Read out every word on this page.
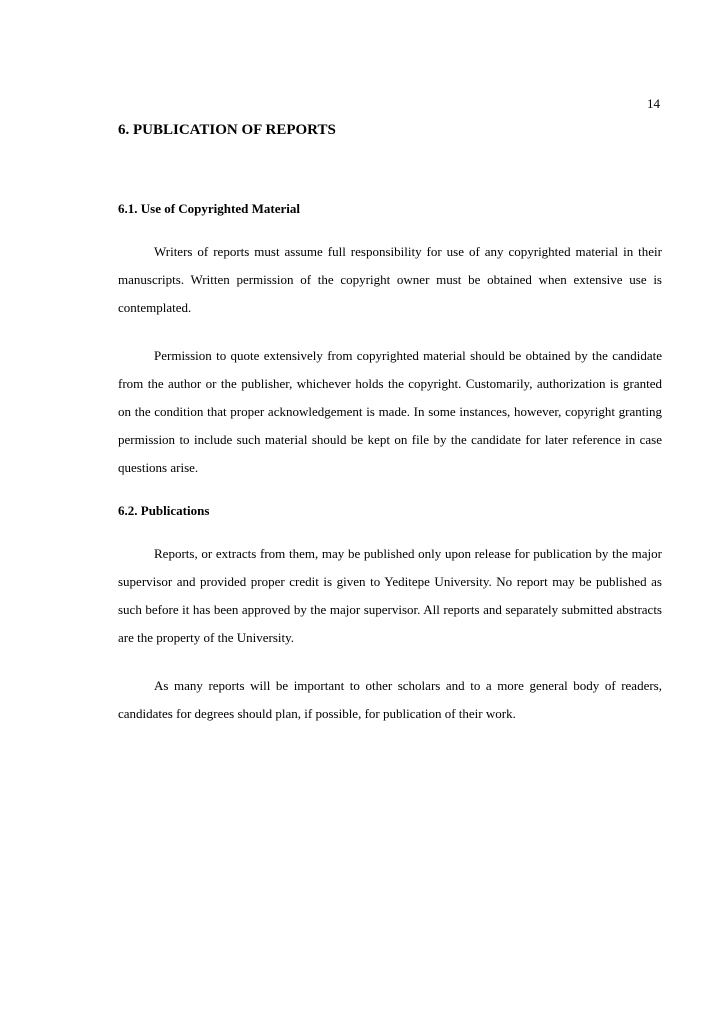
14
6. PUBLICATION OF REPORTS
6.1. Use of Copyrighted Material

Writers of reports must assume full responsibility for use of any copyrighted material in their manuscripts. Written permission of the copyright owner must be obtained when extensive use is contemplated.

Permission to quote extensively from copyrighted material should be obtained by the candidate from the author or the publisher, whichever holds the copyright. Customarily, authorization is granted on the condition that proper acknowledgement is made. In some instances, however, copyright granting permission to include such material should be kept on file by the candidate for later reference in case questions arise.

6.2. Publications

Reports, or extracts from them, may be published only upon release for publication by the major supervisor and provided proper credit is given to Yeditepe University. No report may be published as such before it has been approved by the major supervisor. All reports and separately submitted abstracts are the property of the University.

As many reports will be important to other scholars and to a more general body of readers, candidates for degrees should plan, if possible, for publication of their work.
